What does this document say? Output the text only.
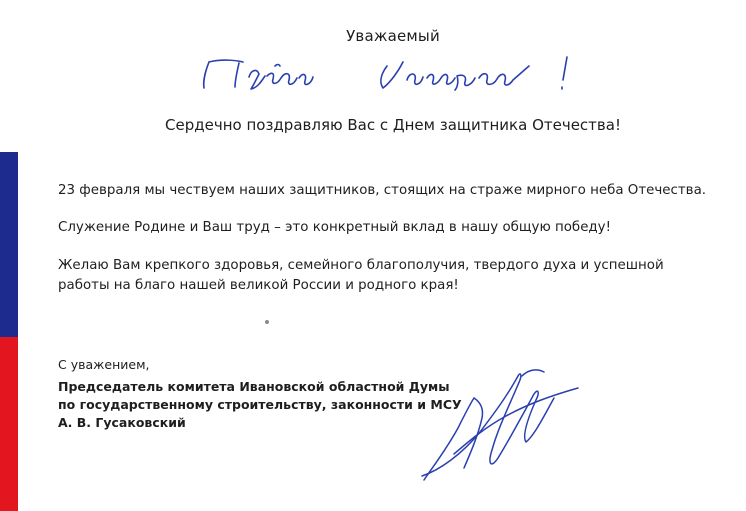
Уважаемый
Сердечно поздравляю Вас с Днем защитника Отечества!
23 февраля мы чествуем наших защитников, стоящих на страже мирного неба Отечества.
Служение Родине и Ваш труд – это конкретный вклад в нашу общую победу!
Желаю Вам крепкого здоровья, семейного благополучия, твердого духа и успешной работы на благо нашей великой России и родного края!
С уважением,
Председатель комитета Ивановской областной Думы
по государственному строительству, законности и МСУ
А. В. Гусаковский
